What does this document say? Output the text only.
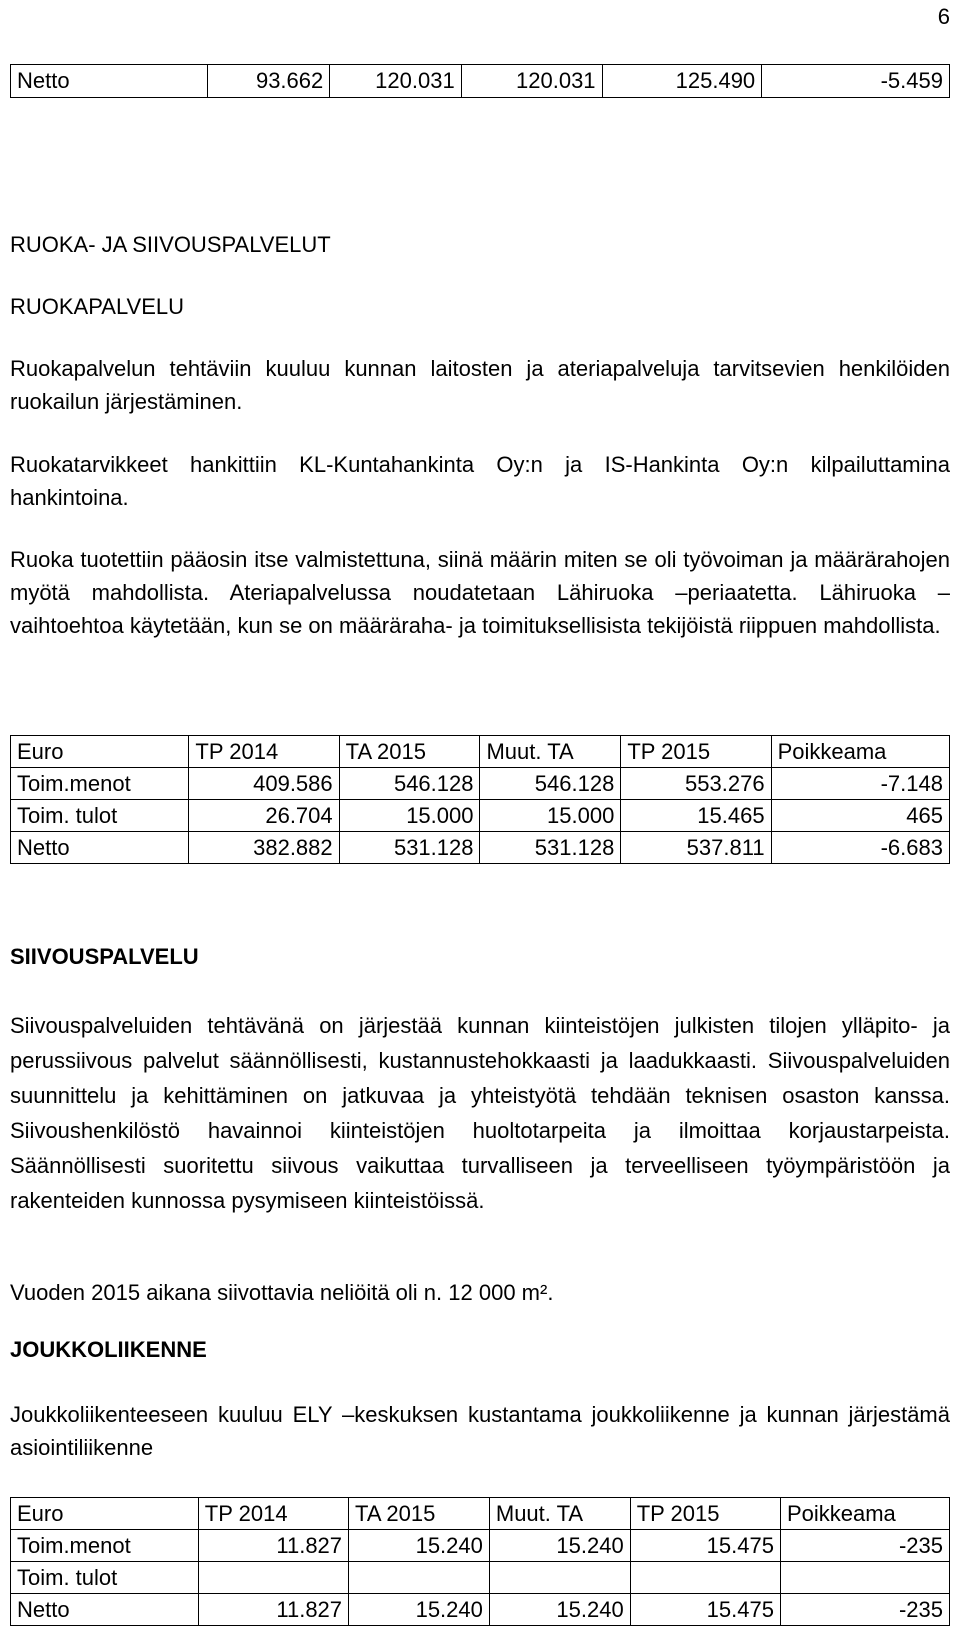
6
Netto	93.662	120.031	120.031	125.490	-5.459
RUOKA- JA SIIVOUSPALVELUT
RUOKAPALVELU

Ruokapalvelun tehtäviin kuuluu kunnan laitosten ja ateriapalveluja tarvitsevien henkilöiden ruokailun järjestäminen.

Ruokatarvikkeet hankittiin KL-Kuntahankinta Oy:n ja IS-Hankinta Oy:n kilpailuttamina hankintoina.

Ruoka tuotettiin pääosin itse valmistettuna, siinä määrin miten se oli työvoiman ja määrärahojen myötä mahdollista. Ateriapalvelussa noudatetaan Lähiruoka –periaatetta. Lähiruoka –vaihtoehtoa käytetään, kun se on määräraha- ja toimituksellisista tekijöistä riippuen mahdollista.

Euro	TP 2014	TA 2015	Muut. TA	TP 2015	Poikkeama
Toim.menot	409.586	546.128	546.128	553.276	-7.148
Toim. tulot	26.704	15.000	15.000	15.465	465
Netto	382.882	531.128	531.128	537.811	-6.683
SIIVOUSPALVELU

Siivouspalveluiden tehtävänä on järjestää kunnan kiinteistöjen julkisten tilojen ylläpito- ja perussiivous palvelut säännöllisesti, kustannustehokkaasti ja laadukkaasti. Siivouspalveluiden suunnittelu ja kehittäminen on jatkuvaa ja yhteistyötä tehdään teknisen osaston kanssa. Siivoushenkilöstö havainnoi kiinteistöjen huoltotarpeita ja ilmoittaa korjaustarpeista. Säännöllisesti suoritettu siivous vaikuttaa turvalliseen ja terveelliseen työympäristöön ja rakenteiden kunnossa pysymiseen kiinteistöissä.

Vuoden 2015 aikana siivottavia neliöitä oli n. 12 000 m².

JOUKKOLIIKENNE

Joukkoliikenteeseen kuuluu ELY –keskuksen kustantama joukkoliikenne ja kunnan järjestämä asiointiliikenne

Euro	TP 2014	TA 2015	Muut. TA	TP 2015	Poikkeama
Toim.menot	11.827	15.240	15.240	15.475	-235
Toim. tulot					
Netto	11.827	15.240	15.240	15.475	-235
